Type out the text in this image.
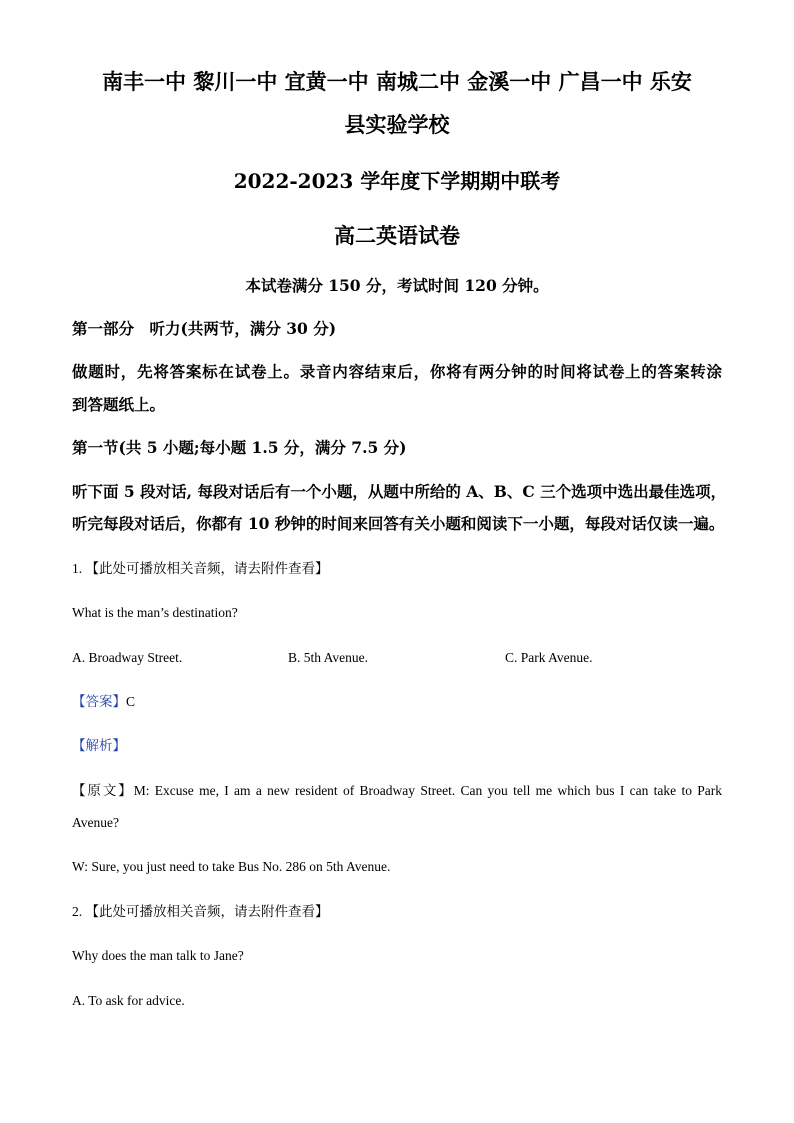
南丰一中 黎川一中 宜黄一中 南城二中 金溪一中 广昌一中 乐安
县实验学校
2022-2023 学年度下学期期中联考
高二英语试卷
本试卷满分 150 分，考试时间 120 分钟。
第一部分　听力(共两节，满分 30 分)
做题时，先将答案标在试卷上。录音内容结束后，你将有两分钟的时间将试卷上的答案转涂
到答题纸上。
第一节(共 5 小题;每小题 1.5 分，满分 7.5 分)
听下面 5 段对话, 每段对话后有一个小题，从题中所给的 A、B、C 三个选项中选出最佳选项，
听完每段对话后，你都有 10 秒钟的时间来回答有关小题和阅读下一小题，每段对话仅读一遍。
1. 【此处可播放相关音频，请去附件查看】
What is the man’s destination?
A. Broadway Street.	B. 5th Avenue.	C. Park Avenue.
【答案】C
【解析】
【原文】M: Excuse me, I am a new resident of Broadway Street. Can you tell me which bus I can take to Park
Avenue?
W: Sure, you just need to take Bus No. 286 on 5th Avenue.
2. 【此处可播放相关音频，请去附件查看】
Why does the man talk to Jane?
A. To ask for advice.
